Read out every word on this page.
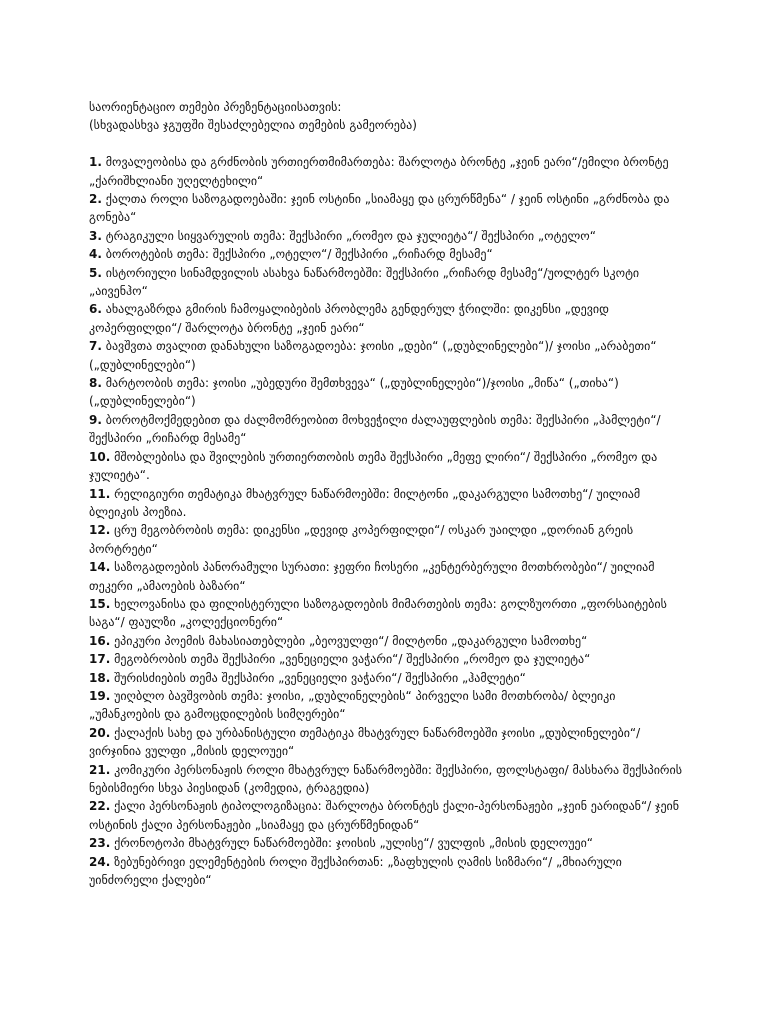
საორიენტაციო თემები პრეზენტაციისათვის:
(სხვადასხვა ჯგუფში შესაძლებელია თემების გამეორება)
1. მოვალეობისა და გრძნობის ურთიერთმიმართება: შარლოტა ბრონტე „ჯეინ ეარი“/ემილი ბრონტე „ქარიშხლიანი უღელტეხილი“
2. ქალთა როლი საზოგადოებაში: ჯეინ ოსტინი „სიამაყე და ცრურწმენა“ / ჯეინ ოსტინი „გრძნობა და გონება“
3. ტრაგიკული სიყვარულის თემა: შექსპირი „რომეო და ჯულიეტა“/ შექსპირი „ოტელო“
4. ბოროტების თემა: შექსპირი „ოტელო“/ შექსპირი „რიჩარდ მესამე“
5. ისტორიული სინამდვილის ასახვა ნაწარმოებში: შექსპირი „რიჩარდ მესამე“/უოლტერ სკოტი „აივენჰო“
6. ახალგაზრდა გმირის ჩამოყალიბების პრობლემა გენდერულ ჭრილში: დიკენსი „დევიდ კოპერფილდი“/ შარლოტა ბრონტე „ჯეინ ეარი“
7. ბავშვთა თვალით დანახული საზოგადოება: ჯოისი „დები“ („დუბლინელები“)/ ჯოისი „არაბეთი“ („დუბლინელები“)
8. მარტოობის თემა: ჯოისი „უბედური შემთხვევა“ („დუბლინელები“)/ჯოისი „მიწა“ („თიხა“) („დუბლინელები“)
9. ბოროტმოქმედებით და ძალმომრეობით მოხვეჭილი ძალაუფლების თემა: შექსპირი „ჰამლეტი“/შექსპირი „რიჩარდ მესამე“
10. მშობლებისა და შვილების ურთიერთობის თემა შექსპირი „მეფე ლირი“/ შექსპირი „რომეო და ჯულიეტა“.
11. რელიგიური თემატიკა მხატვრულ ნაწარმოებში: მილტონი „დაკარგული სამოთხე“/ უილიამ ბლეიკის პოეზია.
12. ცრუ მეგობრობის თემა: დიკენსი „დევიდ კოპერფილდი“/ ოსკარ უაილდი „დორიან გრეის პორტრეტი“
14. საზოგადოების პანორამული სურათი: ჯეფრი ჩოსერი „კენტერბერული მოთხრობები“/ უილიამ თეკერი „ამაოების ბაზარი“
15. ხელოვანისა და ფილისტერული საზოგადოების მიმართების თემა: გოლზუორთი „ფორსაიტების საგა“/ ფაულზი „კოლექციონერი“
16. ეპიკური პოემის მახასიათებლები „ბეოვულფი“/ მილტონი „დაკარგული სამოთხე“
17. მეგობრობის თემა შექსპირი „ვენეციელი ვაჭარი“/ შექსპირი „რომეო და ჯულიეტა“
18. შურისძიების თემა შექსპირი „ვენეციელი ვაჭარი“/ შექსპირი „ჰამლეტი“
19. უიღბლო ბავშვობის თემა: ჯოისი, „დუბლინელების“ პირველი სამი მოთხრობა/ ბლეიკი „უმანკოების და გამოცდილების სიმღერები“
20. ქალაქის სახე და ურბანისტული თემატიკა მხატვრულ ნაწარმოებში ჯოისი „დუბლინელები“/ ვირჯინია ვულფი „მისის დელოუეი“
21. კომიკური პერსონაჟის როლი მხატვრულ ნაწარმოებში: შექსპირი, ფოლსტაფი/ მასხარა შექსპირის ნებისმიერი სხვა პიესიდან (კომედია, ტრაგედია)
22. ქალი პერსონაჟის ტიპოლოგიზაცია: შარლოტა ბრონტეს ქალი-პერსონაჟები „ჯეინ ეარიდან“/ ჯეინ ოსტინის ქალი პერსონაჟები „სიამაყე და ცრურწმენიდან“
23. ქრონოტოპი მხატვრულ ნაწარმოებში: ჯოისის „ულისე“/ ვულფის „მისის დელოუეი“
24. ზებუნებრივი ელემენტების როლი შექსპირთან: „ზაფხულის ღამის სიზმარი“/ „მხიარული უინძორელი ქალები“
